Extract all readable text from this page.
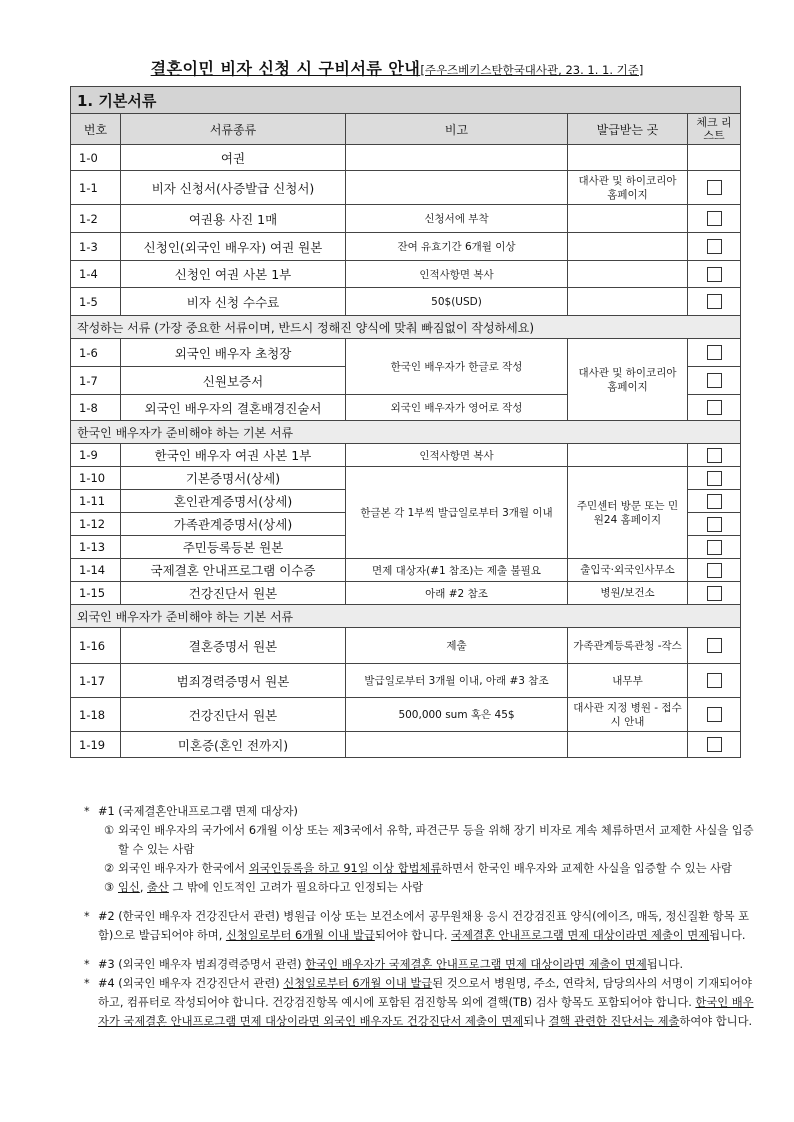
결혼이민 비자 신청 시 구비서류 안내[주우즈베키스탄한국대사관, 23. 1. 1. 기준]
1. 기본서류				
번호	서류종류	비고	발급받는 곳	체크 리스트
1-0	여권			
1-1	비자 신청서(사증발급 신청서)		대사관 및 하이코리아 홈페이지	
1-2	여권용 사진 1매	신청서에 부착		
1-3	신청인(외국인 배우자) 여권 원본	잔여 유효기간 6개월 이상		
1-4	신청인 여권 사본 1부	인적사항면 복사		
1-5	비자 신청 수수료	50$(USD)		
작성하는 서류 (가장 중요한 서류이며, 반드시 정해진 양식에 맞춰 빠짐없이 작성하세요)				
1-6	외국인 배우자 초청장	한국인 배우자가 한글로 작성	대사관 및 하이코리아 홈페이지	
1-7	신원보증서			
1-8	외국인 배우자의 결혼배경진술서	외국인 배우자가 영어로 작성		
한국인 배우자가 준비해야 하는 기본 서류				
1-9	한국인 배우자 여권 사본 1부	인적사항면 복사		
1-10	기본증명서(상세)	한글본 각 1부씩 발급일로부터 3개월 이내	주민센터 방문 또는 민원24 홈페이지	
1-11	혼인관계증명서(상세)			
1-12	가족관계증명서(상세)			
1-13	주민등록등본 원본			
1-14	국제결혼 안내프로그램 이수증	면제 대상자(#1 참조)는 제출 불필요	출입국·외국인사무소	
1-15	건강진단서 원본	아래 #2 참조	병원/보건소	
외국인 배우자가 준비해야 하는 기본 서류				
1-16	결혼증명서 원본	제출	가족관계등록관청 -작스	
1-17	범죄경력증명서 원본	발급일로부터 3개월 이내, 아래 #3 참조	내무부	
1-18	건강진단서 원본	500,000 sum 혹은 45$	대사관 지정 병원 - 접수 시 안내	
1-19	미혼증(혼인 전까지)			
* #1 (국제결혼안내프로그램 면제 대상자)
① 외국인 배우자의 국가에서 6개월 이상 또는 제3국에서 유학, 파견근무 등을 위해 장기 비자로 계속 체류하면서 교제한 사실을 입증할 수 있는 사람
② 외국인 배우자가 한국에서 외국인등록을 하고 91일 이상 합법체류하면서 한국인 배우자와 교제한 사실을 입증할 수 있는 사람
③ 임신, 출산 그 밖에 인도적인 고려가 필요하다고 인정되는 사람
* #2 (한국인 배우자 건강진단서 관련) 병원급 이상 또는 보건소에서 공무원채용 응시 건강검진표 양식(에이즈, 매독, 정신질환 항목 포함)으로 발급되어야 하며, 신청일로부터 6개월 이내 발급되어야 합니다. 국제결혼 안내프로그램 면제 대상이라면 제출이 면제됩니다.
* #3 (외국인 배우자 범죄경력증명서 관련) 한국인 배우자가 국제결혼 안내프로그램 면제 대상이라면 제출이 면제됩니다.
* #4 (외국인 배우자 건강진단서 관련) 신청일로부터 6개월 이내 발급된 것으로서 병원명, 주소, 연락처, 담당의사의 서명이 기재되어야 하고, 컴퓨터로 작성되어야 합니다. 건강검진항목 예시에 포함된 검진항목 외에 결핵(TB) 검사 항목도 포함되어야 합니다. 한국인 배우자가 국제결혼 안내프로그램 면제 대상이라면 외국인 배우자도 건강진단서 제출이 면제되나 결핵 관련한 진단서는 제출하여야 합니다.
